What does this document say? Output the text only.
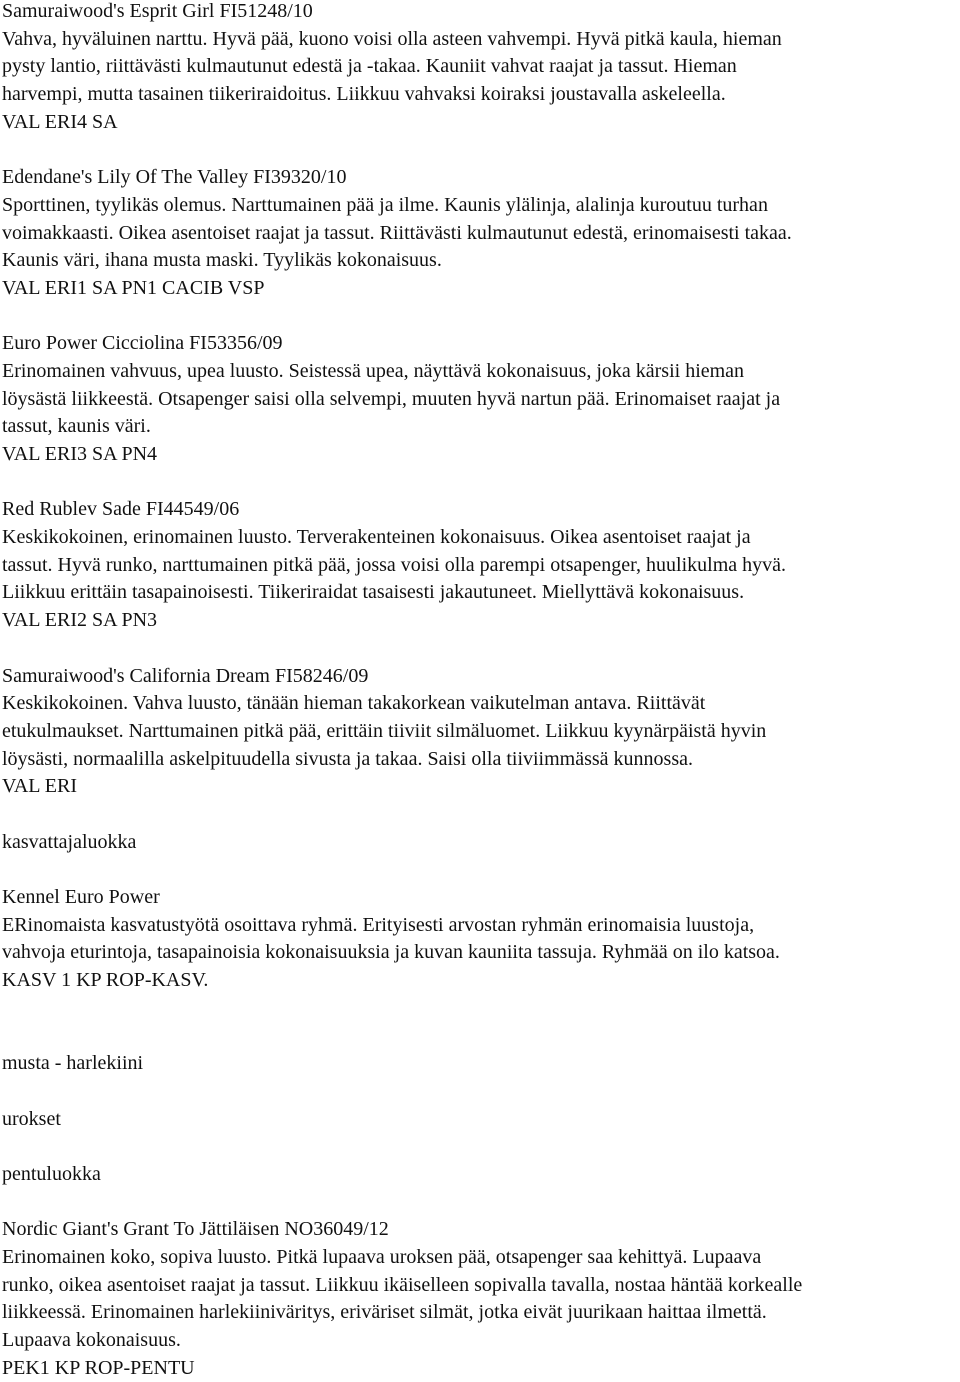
Samuraiwood's Esprit Girl FI51248/10
Vahva, hyväluinen narttu. Hyvä pää, kuono voisi olla asteen vahvempi. Hyvä pitkä kaula, hieman
pysty lantio, riittävästi kulmautunut edestä ja -takaa. Kauniit vahvat raajat ja tassut. Hieman
harvempi, mutta tasainen tiikeriraidoitus. Liikkuu vahvaksi koiraksi joustavalla askeleella.
VAL ERI4 SA
Edendane's Lily Of The Valley FI39320/10
Sporttinen, tyylikäs olemus. Narttumainen pää ja ilme. Kaunis ylälinja, alalinja kuroutuu turhan
voimakkaasti. Oikea asentoiset raajat ja tassut. Riittävästi kulmautunut edestä, erinomaisesti takaa.
Kaunis väri, ihana musta maski. Tyylikäs kokonaisuus.
VAL ERI1 SA PN1 CACIB VSP
Euro Power Cicciolina FI53356/09
Erinomainen vahvuus, upea luusto. Seistessä upea, näyttävä kokonaisuus, joka kärsii hieman
löysästä liikkeestä. Otsapenger saisi olla selvempi, muuten hyvä nartun pää. Erinomaiset raajat ja
tassut, kaunis väri.
VAL ERI3 SA PN4
Red Rublev Sade FI44549/06
Keskikokoinen, erinomainen luusto. Terverakenteinen kokonaisuus. Oikea asentoiset raajat ja
tassut. Hyvä runko, narttumainen pitkä pää, jossa voisi olla parempi otsapenger, huulikulma hyvä.
Liikkuu erittäin tasapainoisesti. Tiikeriraidat tasaisesti jakautuneet. Miellyttävä kokonaisuus.
VAL ERI2 SA PN3
Samuraiwood's California Dream FI58246/09
Keskikokoinen. Vahva luusto, tänään hieman takakorkean vaikutelman antava. Riittävät
etukulmaukset. Narttumainen pitkä pää, erittäin tiiviit silmäluomet. Liikkuu kyynärpäistä hyvin
löysästi, normaalilla askelpituudella sivusta ja takaa. Saisi olla tiiviimmässä kunnossa.
VAL ERI
kasvattajaluokka
Kennel Euro Power
ERinomaista kasvatustyötä osoittava ryhmä. Erityisesti arvostan ryhmän erinomaisia luustoja,
vahvoja eturintoja, tasapainoisia kokonaisuuksia ja kuvan kauniita tassuja. Ryhmää on ilo katsoa.
KASV 1 KP ROP-KASV.
musta - harlekiini
urokset
pentuluokka
Nordic Giant's Grant To Jättiläisen NO36049/12
Erinomainen koko, sopiva luusto. Pitkä lupaava uroksen pää, otsapenger saa kehittyä. Lupaava
runko, oikea asentoiset raajat ja tassut. Liikkuu ikäiselleen sopivalla tavalla, nostaa häntää korkealle
liikkeessä. Erinomainen harlekiiniväritys, eriväriset silmät, jotka eivät juurikaan haittaa ilmettä.
Lupaava kokonaisuus.
PEK1 KP ROP-PENTU
